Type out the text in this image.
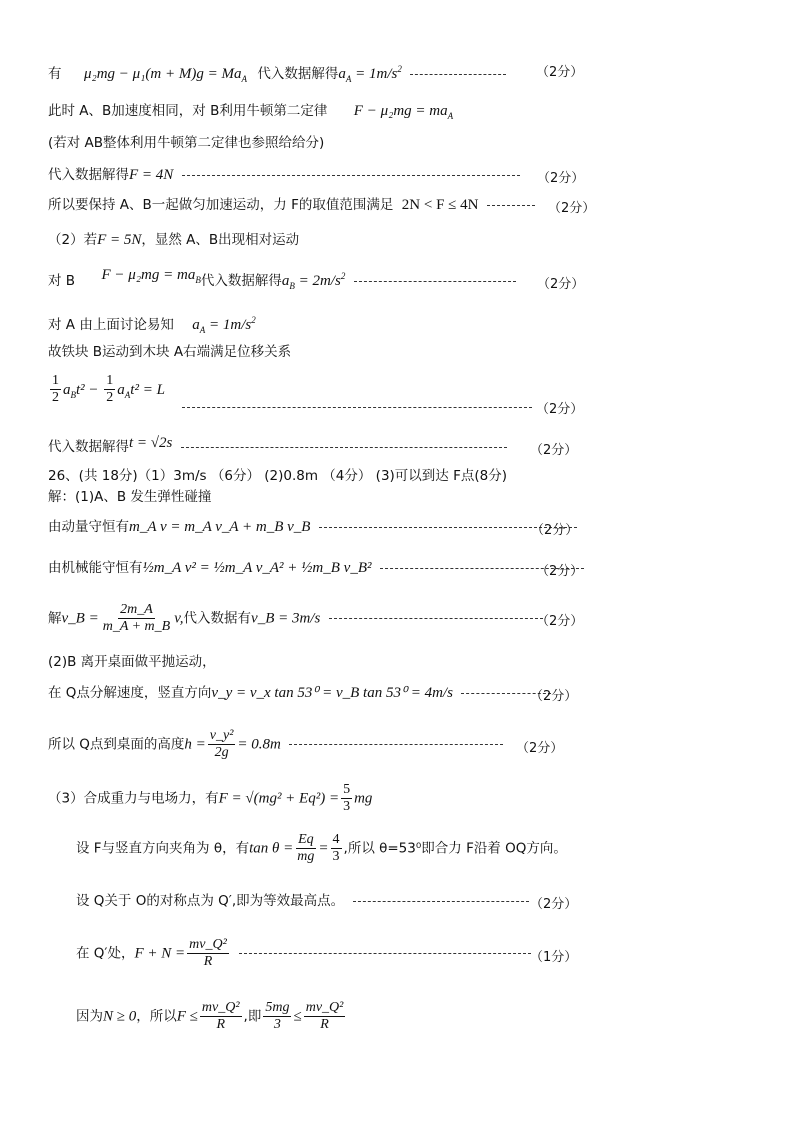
有 $\mu_2mg - \mu_1(m + M)g = Ma_A$ 代入数据解得$a_A = 1m/s^2$	（2分）
此时 A、B加速度相同，对 B利用牛顿第二定律 $F - \mu_2mg = ma_A$
(若对 AB整体利用牛顿第二定律也参照给给分)
代入数据解得F = 4N	（2分）
所以要保持 A、B一起做匀加速运动，力 F的取值范围满足 2N < F ≤ 4N	（2分）
（2）若F = 5N，显然 A、B出现相对运动
对 B $F - \mu_2mg = ma_B$代入数据解得$a_B = 2m/s^2$
（2分）
对 A 由上面讨论易知 $a_A = 1m/s^2$
故铁块 B运动到木块 A右端满足位移关系
$\frac{1}{2} a_Bt^2 - \frac{1}{2} a_At^2 = L$
（2分）
代入数据解得t = √2s	（2分）
26、(共 18分)（1）3m/s （6分） (2)0.8m （4分） (3)可以到达 F点(8分)
解：(1)A、B 发生弹性碰撞
由动量守恒有m_A v = m_A v_A + m_B v_B	（2分）
由机械能守恒有½m_A v² = ½m_A v_A² + ½m_B v_B²	（2分）
解v_B = $\frac{2m\_A}{m\_A + m\_B} v$,代入数据有v_B = 3m/s	（2分）
(2)B 离开桌面做平抛运动，
在 Q点分解速度，竖直方向v_y = v_x tan 53⁰ = v_B tan 53⁰ = 4m/s	（2分）
所以 Q点到桌面的高度$h = \frac{\text{v\_y²}}{2g} = 0.8m$	（2分）
（3）合成重力与电场力，有$F = √(mg^2 + Eq^2) = \frac{5}{3}$ mg
设 F与竖直方向夹角为 θ，有$\tan \theta = \frac{Eq}{mg} = \frac{4}{3}$ ,所以 θ=53⁰即合力 F沿着 OQ方向。
设 Q关于 O的对称点为 Q′,即为等效最高点。	（2分）
在 Q′处，$F + N = \frac{\text{mv\_Q²}}{R}$
	（1分）
因为N ≥ 0，所以$F \le \frac{\text{mv\_Q²}}{R}$ ,即 $\frac{5mg}{3} \le \frac{\text{mv\_Q²}}{R}$
